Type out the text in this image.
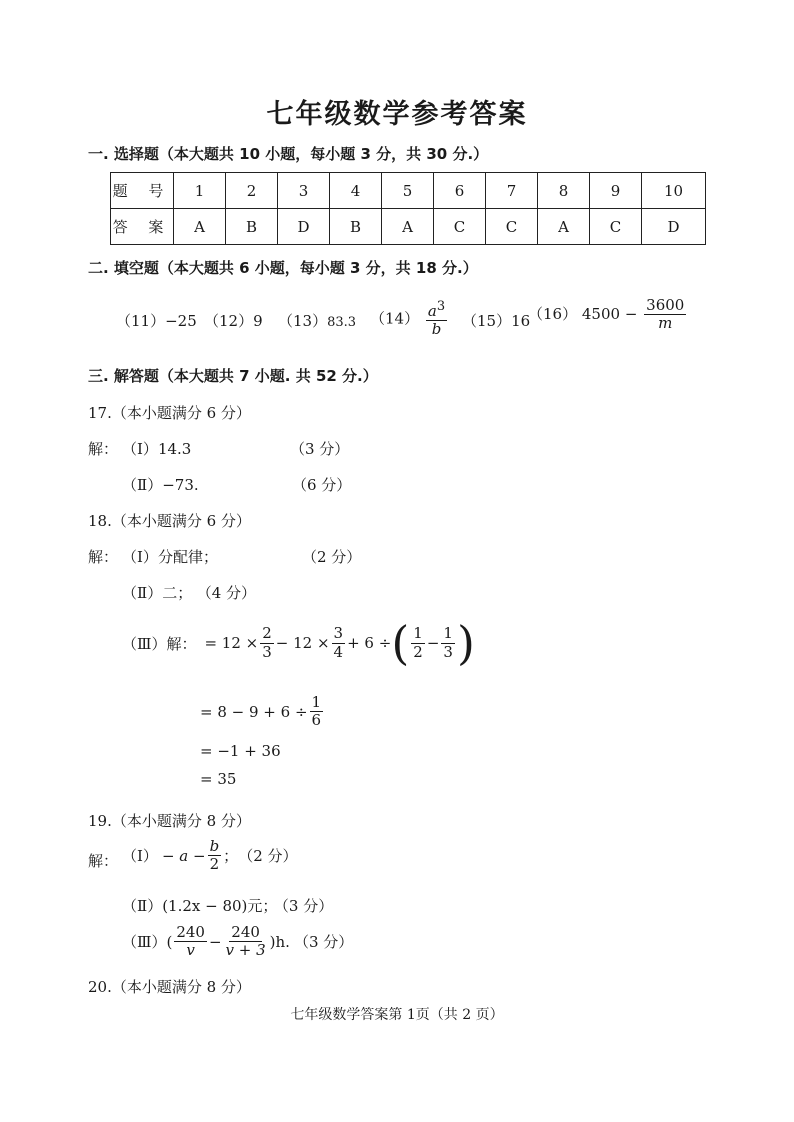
七年级数学参考答案
一. 选择题（本大题共 10 小题，每小题 3 分，共 30 分.）
题 号	1	2	3	4	5	6	7	8	9	10
答 案	A	B	D	B	A	C	C	A	C	D
二. 填空题（本大题共 6 小题，每小题 3 分，共 18 分.）
（11）−25 （12）9 （13）83.3 $(14) \frac{a^3}{b} (15)16$
（16） $4500 - \frac{3600}{m}$
三. 解答题（本大题共 7 小题. 共 52 分.）
17.（本小题满分 6 分）
解： （Ⅰ）14.3	（3 分）
（Ⅱ）−73.	（6 分）
18.（本小题满分 6 分）
解： （Ⅰ）分配律；	（2 分）
（Ⅱ）二； （4 分）
（Ⅲ）解： = $12 \times \frac{2}{3} - 12 \times \frac{3}{4} + 6$ ÷ ( $\frac{1}{2} - \frac{1}{3}$ )
= $8 - 9 + 6 \div \frac{1}{6}$
= −1 + 36
= 35
19.（本小题满分 8 分）
解： （Ⅰ） − $a - \frac{b}{2}$ ； （2 分）
（Ⅱ）(1.2x − 80)元； （3 分）
（Ⅲ） ( $\frac{240}{v} - \frac{240}{v + 3} )h$. （3 分）
20.（本小题满分 8 分）
七年级数学答案第 1页（共 2 页）
